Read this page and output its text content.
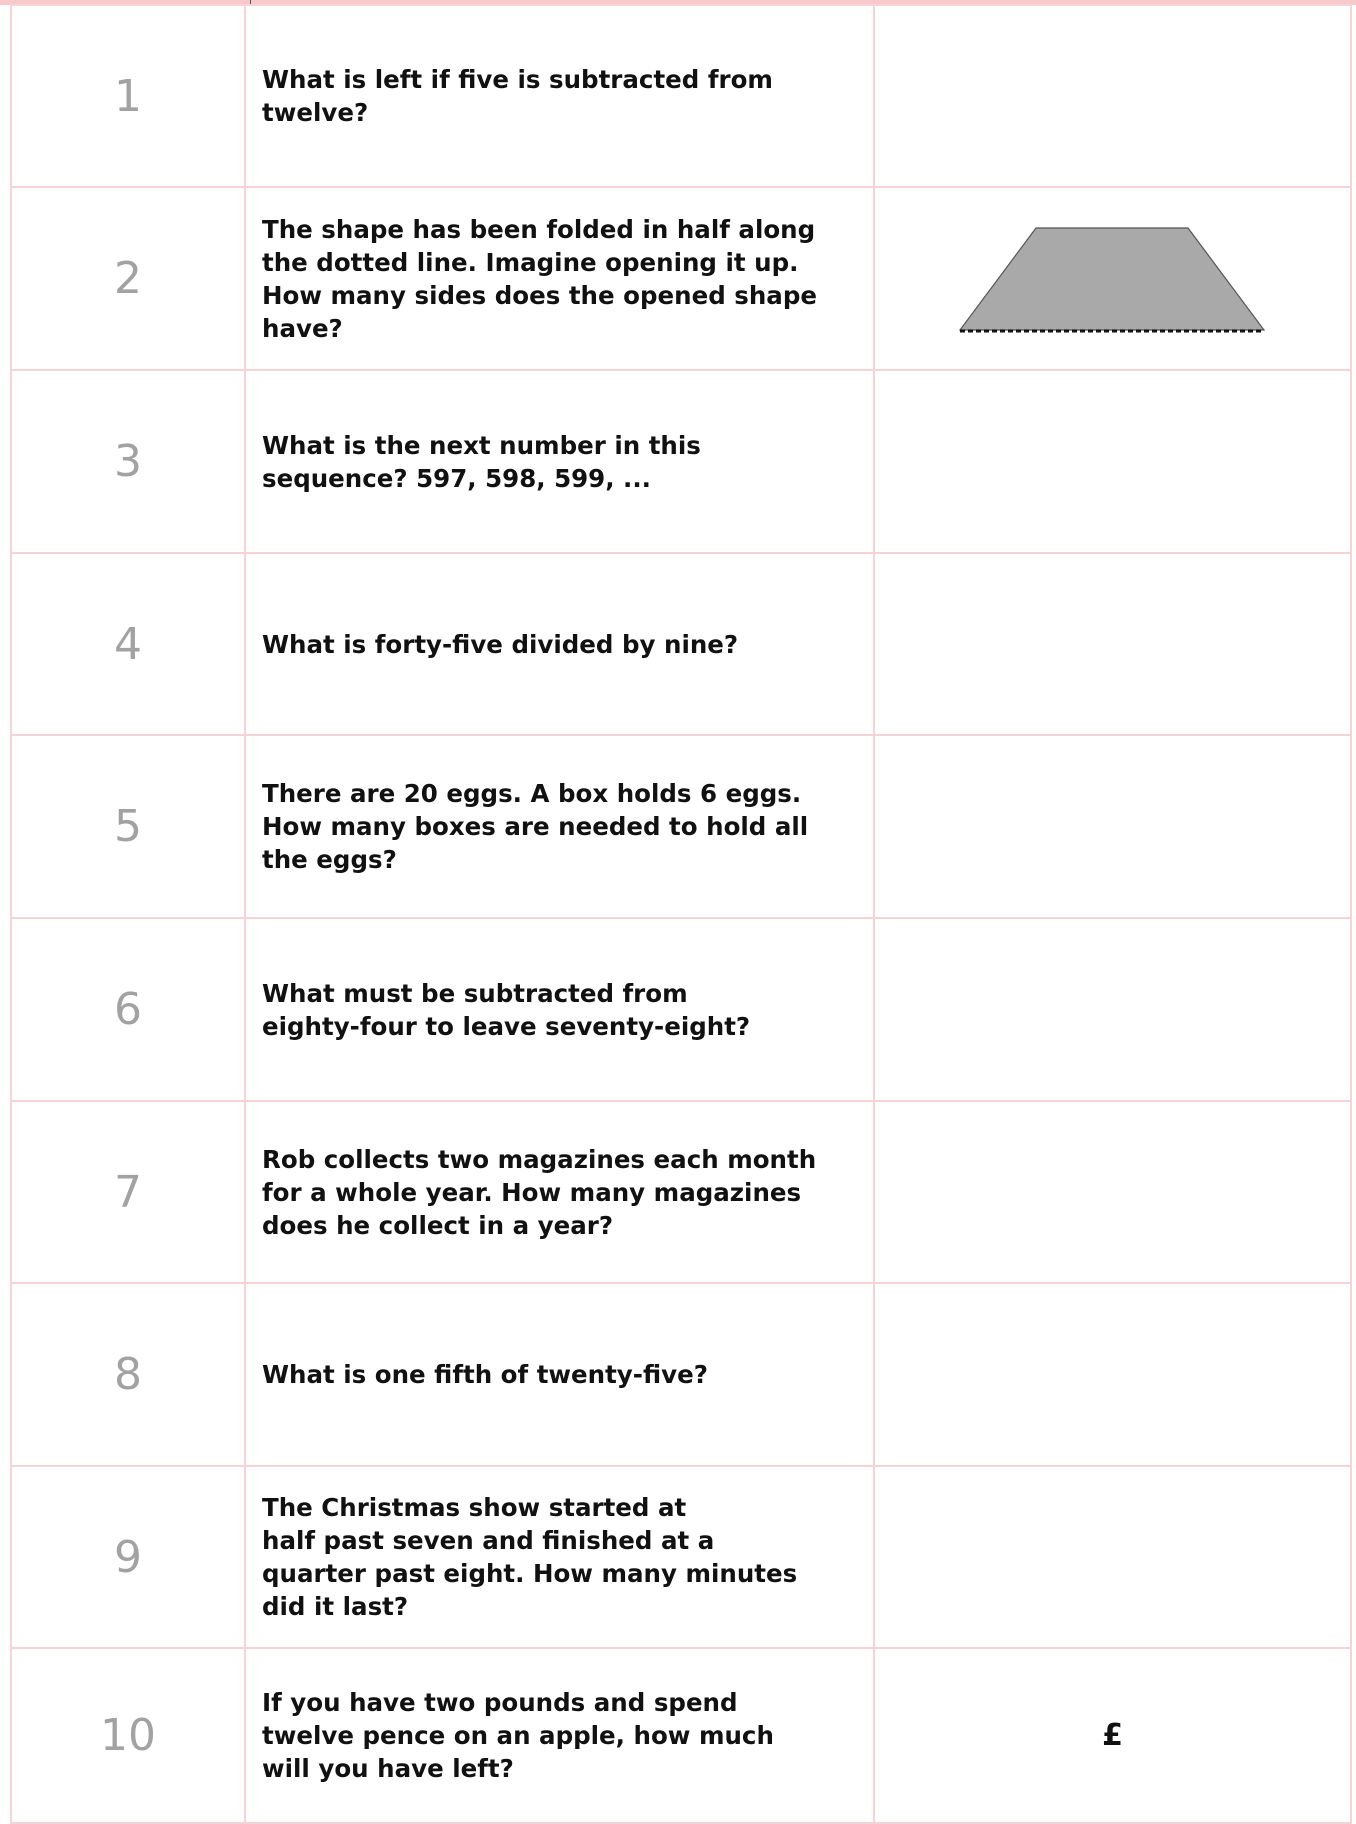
1	What is left if five is subtracted from
twelve?	
2	The shape has been folded in half along
the dotted line. Imagine opening it up.
How many sides does the opened shape
have?	

3	What is the next number in this
sequence? 597, 598, 599, ...	
4	What is forty-five divided by nine?	
5	There are 20 eggs. A box holds 6 eggs.
How many boxes are needed to hold all
the eggs?	
6	What must be subtracted from
eighty-four to leave seventy-eight?	
7	Rob collects two magazines each month
for a whole year. How many magazines
does he collect in a year?	
8	What is one fifth of twenty-five?	
9	The Christmas show started at
half past seven and finished at a
quarter past eight. How many minutes
did it last?	
10	If you have two pounds and spend
twelve pence on an apple, how much
will you have left?	£
